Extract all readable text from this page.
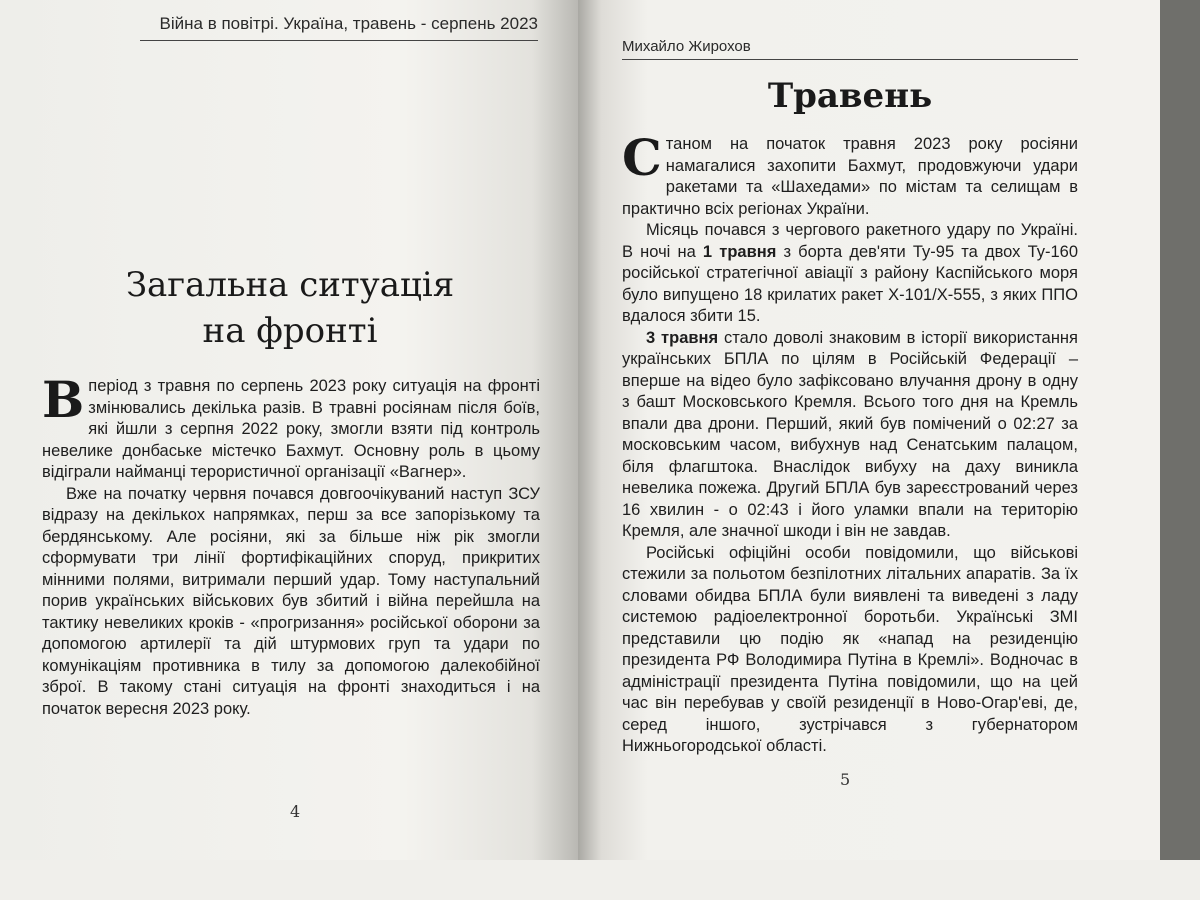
Війна в повітрі. Україна, травень - серпень 2023
Загальна ситуація
на фронті

Вперіод з травня по серпень 2023 року ситуація на фронті змінювались декілька разів. В травні росіянам після боїв, які йшли з серпня 2022 року, змогли взяти під контроль невелике донбаське містечко Бахмут. Основну роль в цьому відіграли найманці терористичної організації «Вагнер».

Вже на початку червня почався довгоочікуваний наступ ЗСУ відразу на декількох напрямках, перш за все запорізькому та бердянському. Але росіяни, які за більше ніж рік змогли сформувати три лінії фортифікаційних споруд, прикритих мінними полями, витримали перший удар. Тому наступальний порив українських військових був збитий і війна перейшла на тактику невеликих кроків - «прогризання» російської оборони за допомогою артилерії та дій штурмових груп та удари по комунікаціям противника в тилу за допомогою далекобійної зброї. В такому стані ситуація на фронті знаходиться і на початок вересня 2023 року.

4
Михайло Жирохов
Травень

Станом на початок травня 2023 року росіяни намагалися захопити Бахмут, продовжуючи удари ракетами та «Шахедами» по містам та селищам в практично всіх регіонах України.

Місяць почався з чергового ракетного удару по Україні. В ночі на 1 травня з борта дев'яти Ту-95 та двох Ту-160 російської стратегічної авіації з району Каспійського моря було випущено 18 крилатих ракет Х-101/Х-555, з яких ППО вдалося збити 15.

3 травня стало доволі знаковим в історії використання українських БПЛА по цілям в Російській Федерації – вперше на відео було зафіксовано влучання дрону в одну з башт Московського Кремля. Всього того дня на Кремль впали два дрони. Перший, який був помічений о 02:27 за московським часом, вибухнув над Сенатським палацом, біля флагштока. Внаслідок вибуху на даху виникла невелика пожежа. Другий БПЛА був зареєстрований через 16 хвилин - о 02:43 і його уламки впали на територію Кремля, але значної шкоди і він не завдав.

Російські офіційні особи повідомили, що військові стежили за польотом безпілотних літальних апаратів. За їх словами обидва БПЛА були виявлені та виведені з ладу системою радіоелектронної боротьби. Українські ЗМІ представили цю подію як «напад на резиденцію президента РФ Володимира Путіна в Кремлі». Водночас в адміністрації президента Путіна повідомили, що на цей час він перебував у своїй резиденції в Ново-Огар'еві, де, серед іншого, зустрічався з губернатором Нижньогородської області.

5
